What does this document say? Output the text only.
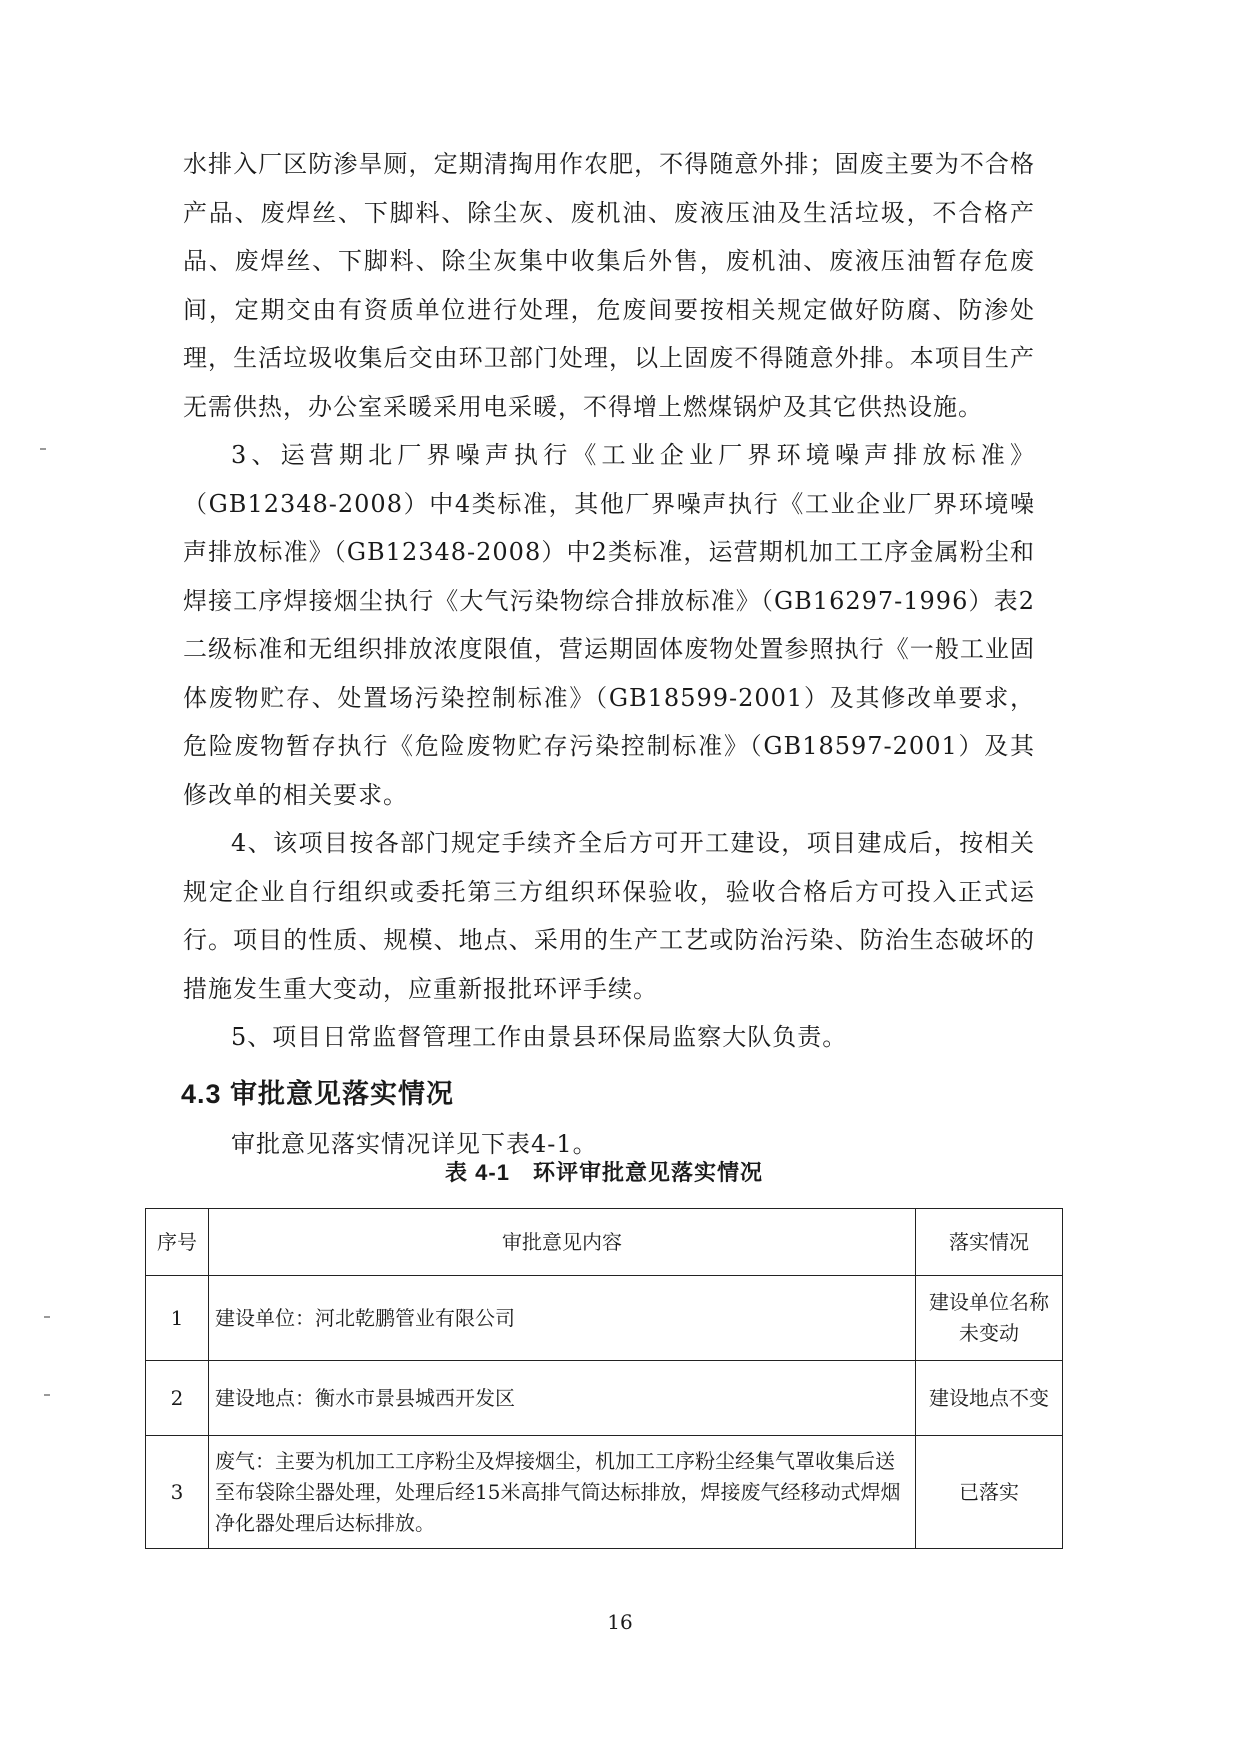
水排入厂区防渗旱厕，定期清掏用作农肥，不得随意外排；固废主要为不合格产品、废焊丝、下脚料、除尘灰、废机油、废液压油及生活垃圾，不合格产品、废焊丝、下脚料、除尘灰集中收集后外售，废机油、废液压油暂存危废间，定期交由有资质单位进行处理，危废间要按相关规定做好防腐、防渗处理，生活垃圾收集后交由环卫部门处理，以上固废不得随意外排。本项目生产无需供热，办公室采暖采用电采暖，不得增上燃煤锅炉及其它供热设施。

3、运营期北厂界噪声执行《工业企业厂界环境噪声排放标准》（GB12348-2008）中4类标准，其他厂界噪声执行《工业企业厂界环境噪声排放标准》（GB12348-2008）中2类标准，运营期机加工工序金属粉尘和焊接工序焊接烟尘执行《大气污染物综合排放标准》（GB16297-1996）表2二级标准和无组织排放浓度限值，营运期固体废物处置参照执行《一般工业固体废物贮存、处置场污染控制标准》（GB18599-2001）及其修改单要求，危险废物暂存执行《危险废物贮存污染控制标准》（GB18597-2001）及其修改单的相关要求。

4、该项目按各部门规定手续齐全后方可开工建设，项目建成后，按相关规定企业自行组织或委托第三方组织环保验收，验收合格后方可投入正式运行。项目的性质、规模、地点、采用的生产工艺或防治污染、防治生态破坏的措施发生重大变动，应重新报批环评手续。

5、项目日常监督管理工作由景县环保局监察大队负责。

4.3 审批意见落实情况

审批意见落实情况详见下表4-1。

表 4-1　环评审批意见落实情况
序号	审批意见内容	落实情况
1	建设单位：河北乾鹏管业有限公司	建设单位名称未变动
2	建设地点：衡水市景县城西开发区	建设地点不变
3	废气：主要为机加工工序粉尘及焊接烟尘，机加工工序粉尘经集气罩收集后送至布袋除尘器处理，处理后经15米高排气筒达标排放，焊接废气经移动式焊烟净化器处理后达标排放。	已落实
16
